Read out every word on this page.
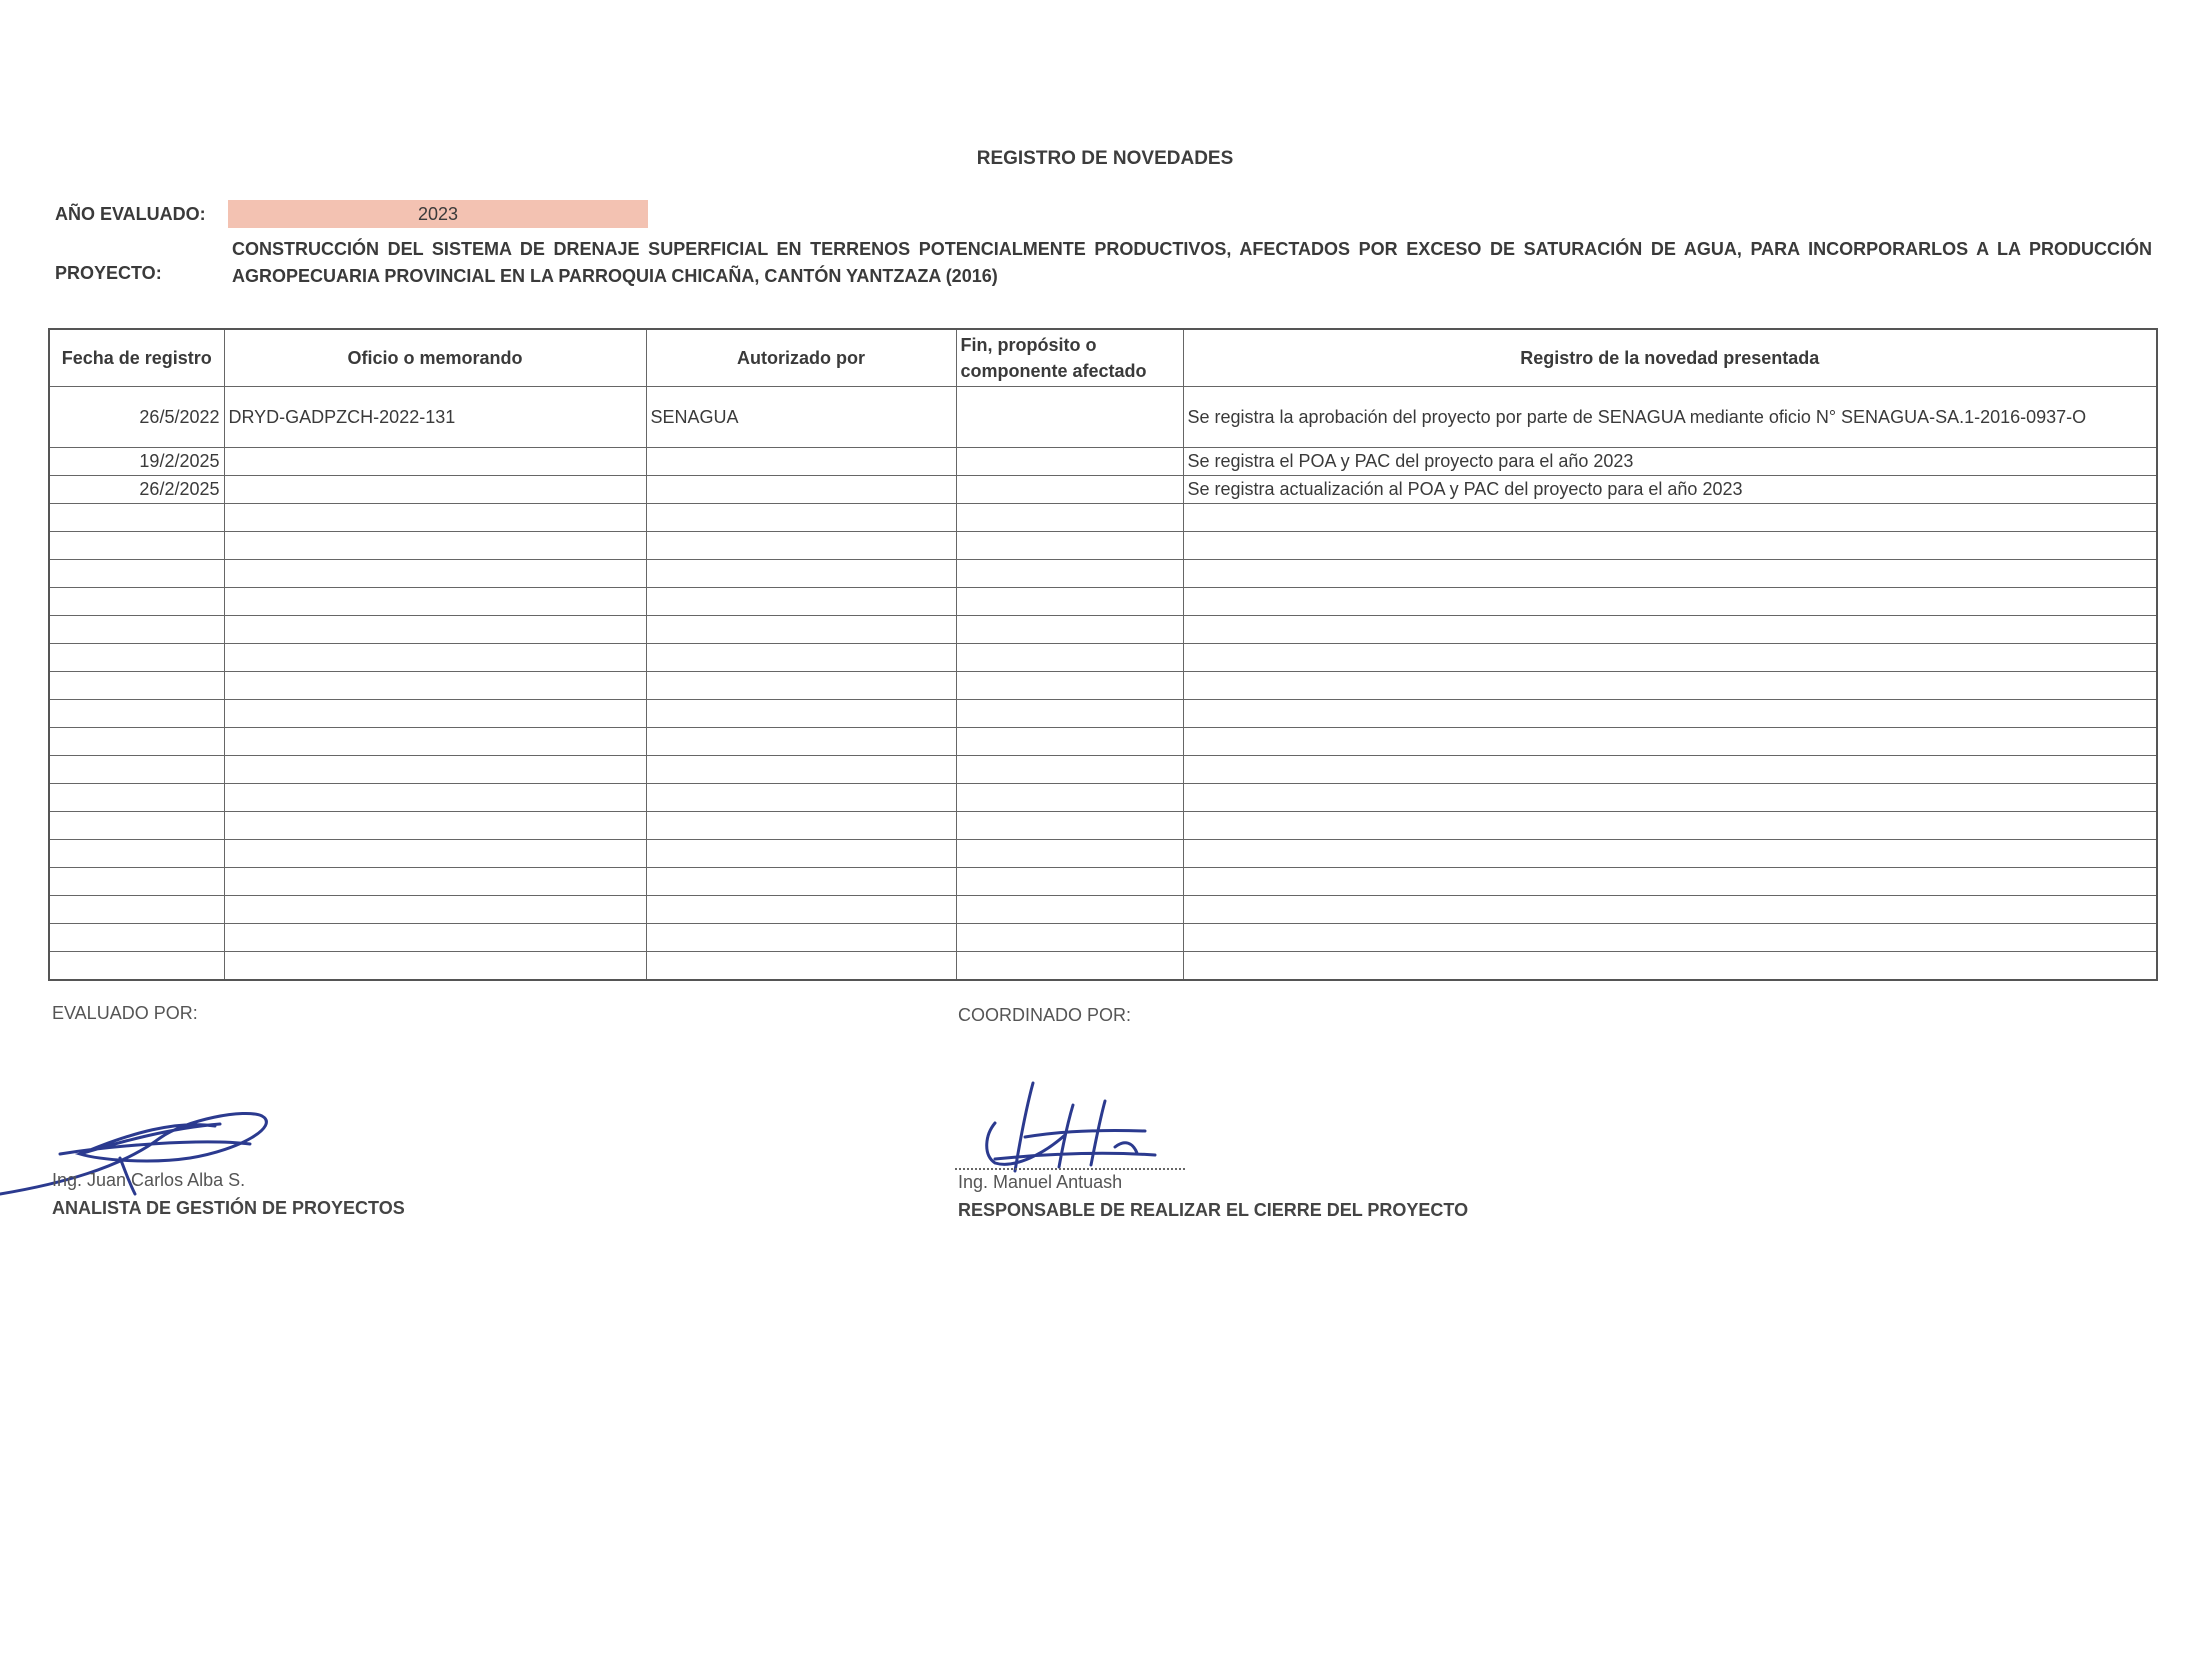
REGISTRO DE NOVEDADES
AÑO EVALUADO:	2023
PROYECTO:
CONSTRUCCIÓN DEL SISTEMA DE DRENAJE SUPERFICIAL EN TERRENOS POTENCIALMENTE PRODUCTIVOS, AFECTADOS POR EXCESO DE SATURACIÓN DE AGUA, PARA INCORPORARLOS A LA PRODUCCIÓN AGROPECUARIA PROVINCIAL EN LA PARROQUIA CHICAÑA, CANTÓN YANTZAZA (2016)
Fecha de registro	Oficio o memorando	Autorizado por	Fin, propósito o componente afectado	Registro de la novedad presentada
26/5/2022	DRYD-GADPZCH-2022-131	SENAGUA		Se registra la aprobación del proyecto por parte de SENAGUA mediante oficio N° SENAGUA-SA.1-2016-0937-O
19/2/2025				Se registra el POA y PAC del proyecto para el año 2023
26/2/2025				Se registra actualización al POA y PAC del proyecto para el año 2023

EVALUADO POR:	COORDINADO POR:
Ing. Juan Carlos Alba S.
ANALISTA DE GESTIÓN DE PROYECTOS
Ing. Manuel Antuash
RESPONSABLE DE REALIZAR EL CIERRE DEL PROYECTO
